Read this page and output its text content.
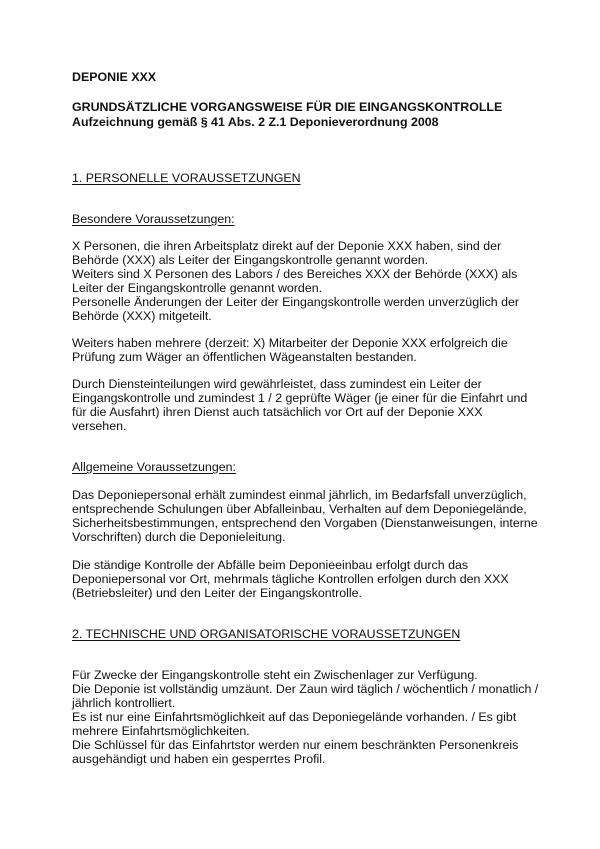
DEPONIE XXX
GRUNDSÄTZLICHE VORGANGSWEISE FÜR DIE EINGANGSKONTROLLE
Aufzeichnung gemäß § 41 Abs. 2 Z.1 Deponieverordnung 2008
1. PERSONELLE VORAUSSETZUNGEN
Besondere Voraussetzungen:
X Personen, die ihren Arbeitsplatz direkt auf der Deponie XXX haben, sind der
Behörde (XXX) als Leiter der Eingangskontrolle genannt worden.
Weiters sind X Personen des Labors / des Bereiches XXX der Behörde (XXX) als
Leiter der Eingangskontrolle genannt worden.
Personelle Änderungen der Leiter der Eingangskontrolle werden unverzüglich der
Behörde (XXX) mitgeteilt.
Weiters haben mehrere (derzeit: X) Mitarbeiter der Deponie XXX erfolgreich die
Prüfung zum Wäger an öffentlichen Wägeanstalten bestanden.
Durch Diensteinteilungen wird gewährleistet, dass zumindest ein Leiter der
Eingangskontrolle und zumindest 1 / 2 geprüfte Wäger (je einer für die Einfahrt und
für die Ausfahrt) ihren Dienst auch tatsächlich vor Ort auf der Deponie XXX
versehen.
Allgemeine Voraussetzungen:
Das Deponiepersonal erhält zumindest einmal jährlich, im Bedarfsfall unverzüglich,
entsprechende Schulungen über Abfalleinbau, Verhalten auf dem Deponiegelände,
Sicherheitsbestimmungen, entsprechend den Vorgaben (Dienstanweisungen, interne
Vorschriften) durch die Deponieleitung.
Die ständige Kontrolle der Abfälle beim Deponieeinbau erfolgt durch das
Deponiepersonal vor Ort, mehrmals tägliche Kontrollen erfolgen durch den XXX
(Betriebsleiter) und den Leiter der Eingangskontrolle.
2. TECHNISCHE UND ORGANISATORISCHE VORAUSSETZUNGEN
Für Zwecke der Eingangskontrolle steht ein Zwischenlager zur Verfügung.
Die Deponie ist vollständig umzäunt. Der Zaun wird täglich / wöchentlich / monatlich /
jährlich kontrolliert.
Es ist nur eine Einfahrtsmöglichkeit auf das Deponiegelände vorhanden. / Es gibt
mehrere Einfahrtsmöglichkeiten.
Die Schlüssel für das Einfahrtstor werden nur einem beschränkten Personenkreis
ausgehändigt und haben ein gesperrtes Profil.
